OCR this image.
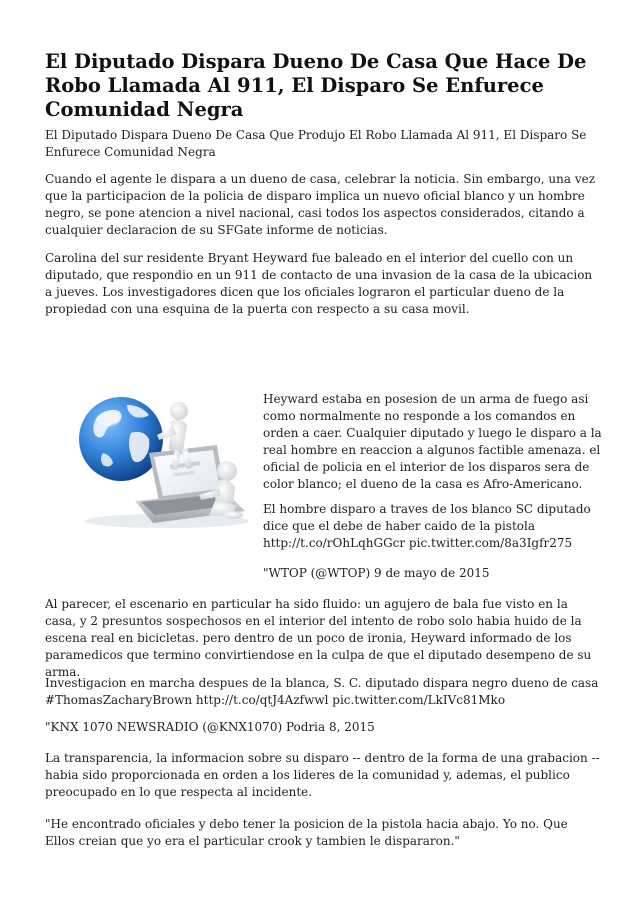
El Diputado Dispara Dueno De Casa Que Hace De Robo Llamada Al 911, El Disparo Se Enfurece Comunidad Negra

El Diputado Dispara Dueno De Casa Que Produjo El Robo Llamada Al 911, El Disparo Se Enfurece Comunidad Negra

Cuando el agente le dispara a un dueno de casa, celebrar la noticia. Sin embargo, una vez que la participacion de la policia de disparo implica un nuevo oficial blanco y un hombre negro, se pone atencion a nivel nacional, casi todos los aspectos considerados, citando a cualquier declaracion de su SFGate informe de noticias.

Carolina del sur residente Bryant Heyward fue baleado en el interior del cuello con un diputado, que respondio en un 911 de contacto de una invasion de la casa de la ubicacion a jueves. Los investigadores dicen que los oficiales lograron el particular dueno de la propiedad con una esquina de la puerta con respecto a su casa movil.

Heyward estaba en posesion de un arma de fuego asi como normalmente no responde a los comandos en orden a caer. Cualquier diputado y luego le disparo a la real hombre en reaccion a algunos factible amenaza. el oficial de policia en el interior de los disparos sera de color blanco; el dueno de la casa es Afro-Americano.

El hombre disparo a traves de los blanco SC diputado dice que el debe de haber caido de la pistola http://t.co/rOhLqhGGcr pic.twitter.com/8a3Igfr275

"WTOP (@WTOP) 9 de mayo de 2015

Al parecer, el escenario en particular ha sido fluido: un agujero de bala fue visto en la casa, y 2 presuntos sospechosos en el interior del intento de robo solo habia huido de la escena real en bicicletas. pero dentro de un poco de ironia, Heyward informado de los paramedicos que termino convirtiendose en la culpa de que el diputado desempeno de su arma.

Investigacion en marcha despues de la blanca, S. C. diputado dispara negro dueno de casa #ThomasZacharyBrown http://t.co/qtJ4Azfwwl pic.twitter.com/LkIVc81Mko

"KNX 1070 NEWSRADIO (@KNX1070) Podria 8, 2015

La transparencia, la informacion sobre su disparo -- dentro de la forma de una grabacion -- habia sido proporcionada en orden a los lideres de la comunidad y, ademas, el publico preocupado en lo que respecta al incidente.

"He encontrado oficiales y debo tener la posicion de la pistola hacia abajo. Yo no. Que Ellos creian que yo era el particular crook y tambien le dispararon."
